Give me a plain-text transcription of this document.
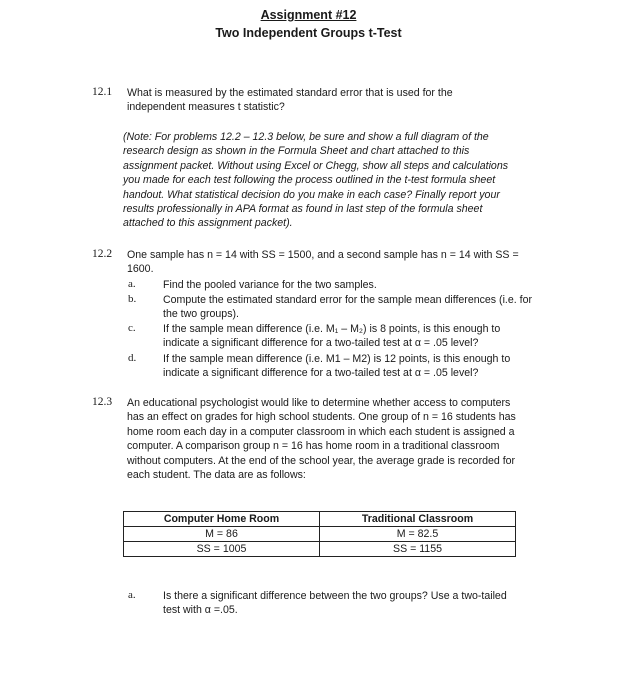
Assignment #12
Two Independent Groups t-Test
12.1 What is measured by the estimated standard error that is used for the independent measures t statistic?

(Note: For problems 12.2 – 12.3 below, be sure and show a full diagram of the research design as shown in the Formula Sheet and chart attached to this assignment packet. Without using Excel or Chegg, show all steps and calculations you made for each test following the process outlined in the t-test formula sheet handout. What statistical decision do you make in each case? Finally report your results professionally in APA format as found in last step of the formula sheet attached to this assignment packet).

12.2 One sample has n = 14 with SS = 1500, and a second sample has n = 14 with SS = 1600.

a.	Find the pooled variance for the two samples.

b.	Compute the estimated standard error for the sample mean differences (i.e. for the two groups).

c.	If the sample mean difference (i.e. M₁ – M₂) is 8 points, is this enough to indicate a significant difference for a two-tailed test at α = .05 level?

d.	If the sample mean difference (i.e. M1 – M2) is 12 points, is this enough to indicate a significant difference for a two-tailed test at α = .05 level?

12.3 An educational psychologist would like to determine whether access to computers has an effect on grades for high school students. One group of n = 16 students has home room each day in a computer classroom in which each student is assigned a computer. A comparison group n = 16 has home room in a traditional classroom without computers. At the end of the school year, the average grade is recorded for each student. The data are as follows:

Computer Home Room	Traditional Classroom
M = 86	M = 82.5
SS = 1005	SS = 1155
a.	Is there a significant difference between the two groups? Use a two-tailed test with α =.05.
